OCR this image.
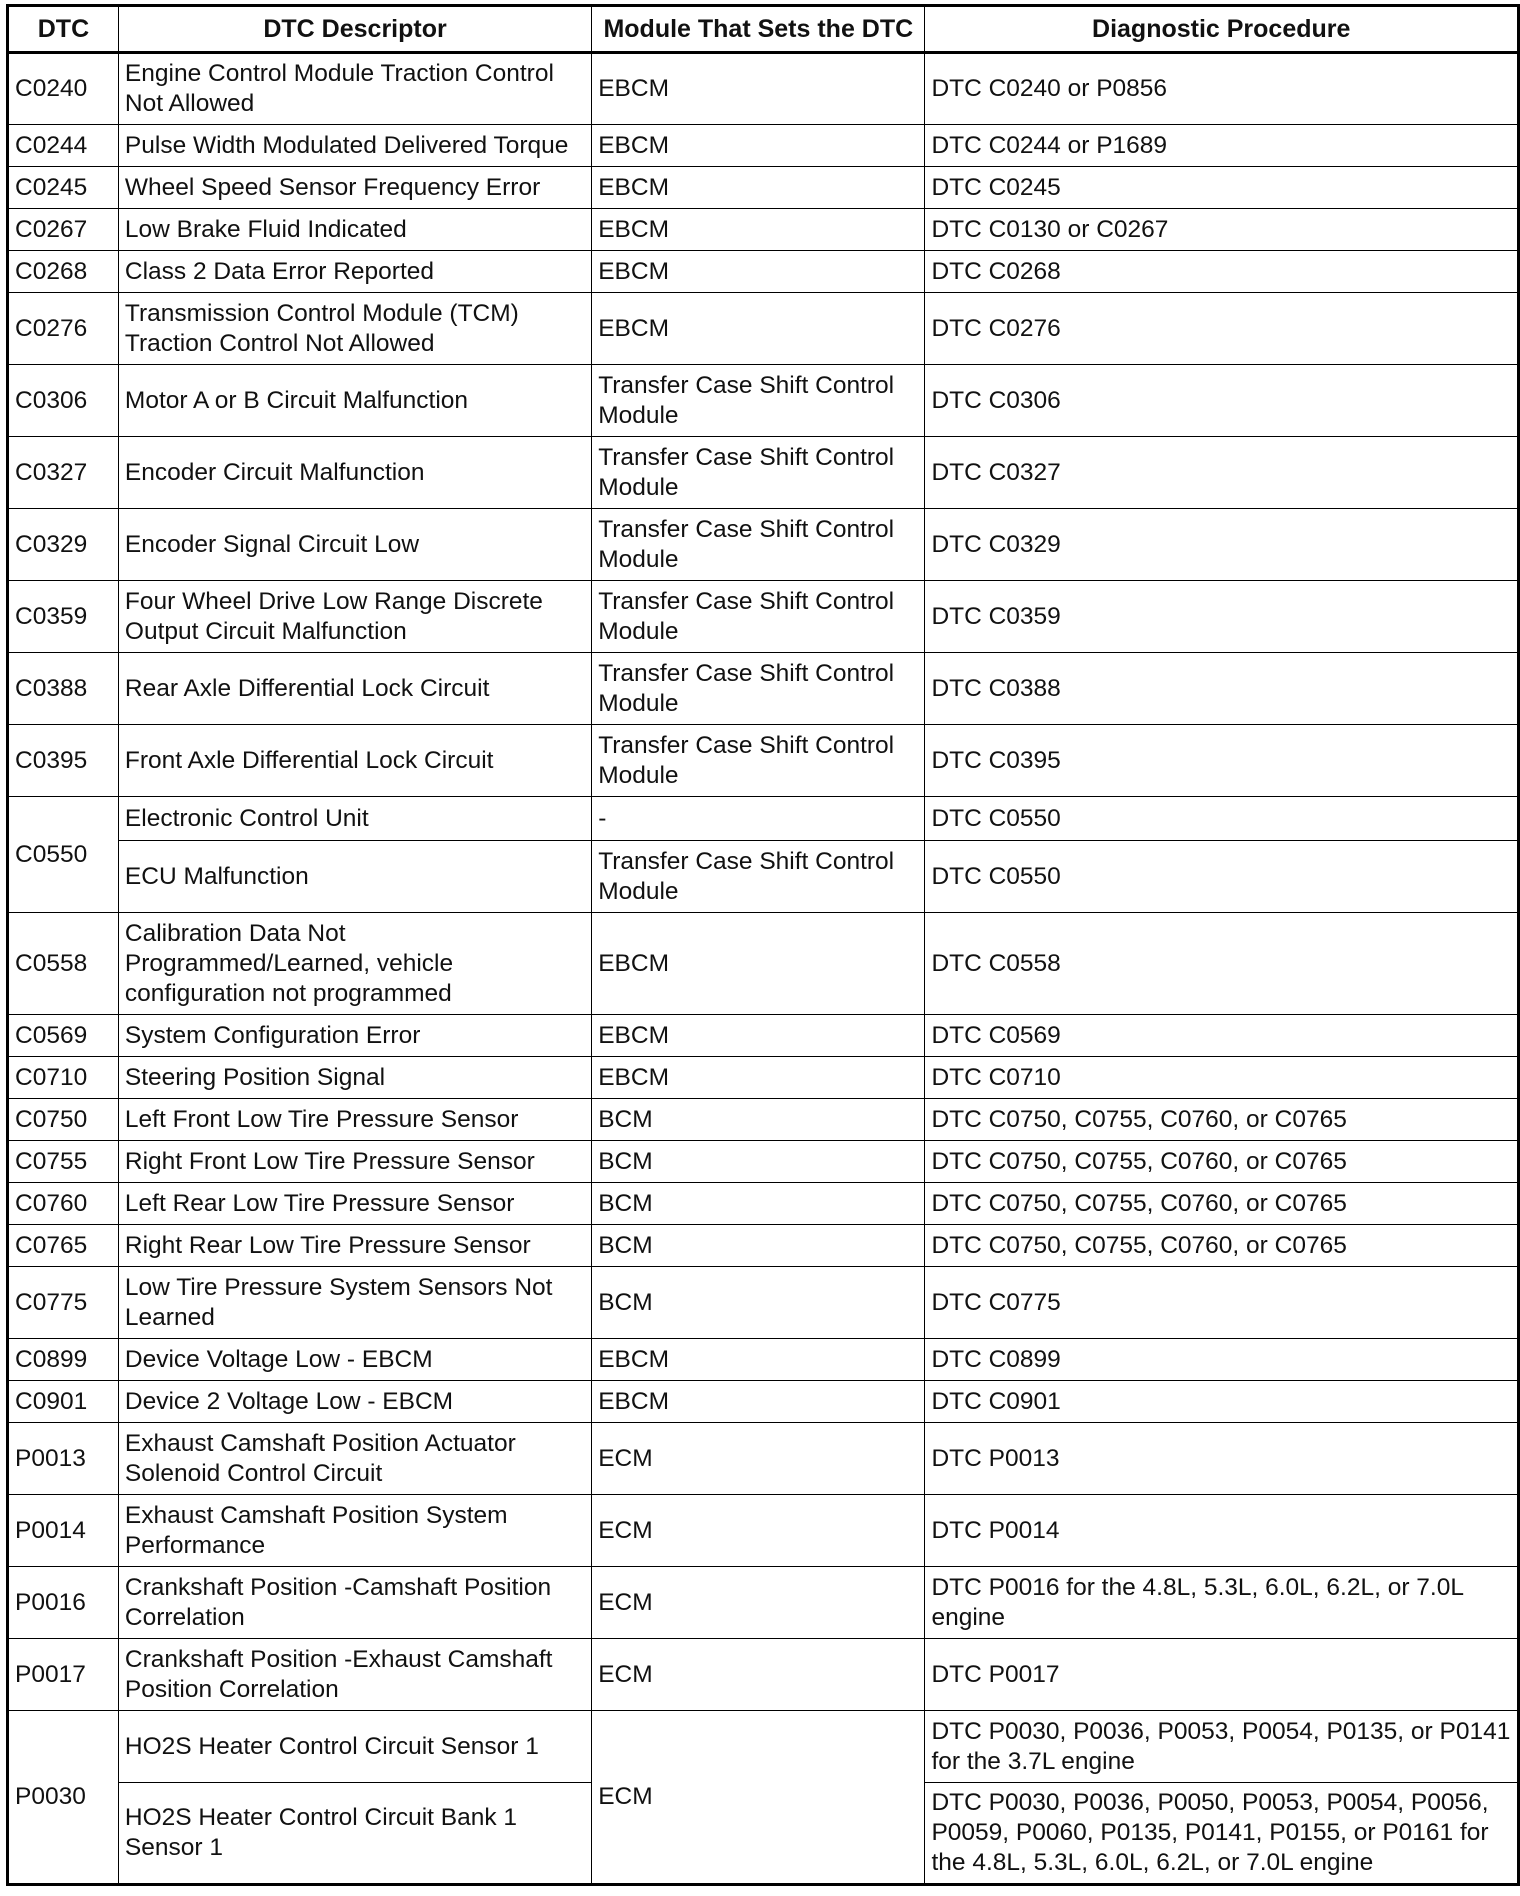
DTC	DTC Descriptor	Module That Sets the DTC	Diagnostic Procedure
C0240	Engine Control Module Traction Control Not Allowed	EBCM	DTC C0240 or P0856
C0244	Pulse Width Modulated Delivered Torque	EBCM	DTC C0244 or P1689
C0245	Wheel Speed Sensor Frequency Error	EBCM	DTC C0245
C0267	Low Brake Fluid Indicated	EBCM	DTC C0130 or C0267
C0268	Class 2 Data Error Reported	EBCM	DTC C0268
C0276	Transmission Control Module (TCM) Traction Control Not Allowed	EBCM	DTC C0276
C0306	Motor A or B Circuit Malfunction	Transfer Case Shift Control Module	DTC C0306
C0327	Encoder Circuit Malfunction	Transfer Case Shift Control Module	DTC C0327
C0329	Encoder Signal Circuit Low	Transfer Case Shift Control Module	DTC C0329
C0359	Four Wheel Drive Low Range Discrete Output Circuit Malfunction	Transfer Case Shift Control Module	DTC C0359
C0388	Rear Axle Differential Lock Circuit	Transfer Case Shift Control Module	DTC C0388
C0395	Front Axle Differential Lock Circuit	Transfer Case Shift Control Module	DTC C0395
C0550	Electronic Control Unit	-	DTC C0550
	ECU Malfunction	Transfer Case Shift Control Module	DTC C0550
C0558	Calibration Data Not Programmed/Learned, vehicle configuration not programmed	EBCM	DTC C0558
C0569	System Configuration Error	EBCM	DTC C0569
C0710	Steering Position Signal	EBCM	DTC C0710
C0750	Left Front Low Tire Pressure Sensor	BCM	DTC C0750, C0755, C0760, or C0765
C0755	Right Front Low Tire Pressure Sensor	BCM	DTC C0750, C0755, C0760, or C0765
C0760	Left Rear Low Tire Pressure Sensor	BCM	DTC C0750, C0755, C0760, or C0765
C0765	Right Rear Low Tire Pressure Sensor	BCM	DTC C0750, C0755, C0760, or C0765
C0775	Low Tire Pressure System Sensors Not Learned	BCM	DTC C0775
C0899	Device Voltage Low - EBCM	EBCM	DTC C0899
C0901	Device 2 Voltage Low - EBCM	EBCM	DTC C0901
P0013	Exhaust Camshaft Position Actuator Solenoid Control Circuit	ECM	DTC P0013
P0014	Exhaust Camshaft Position System Performance	ECM	DTC P0014
P0016	Crankshaft Position -Camshaft Position Correlation	ECM	DTC P0016 for the 4.8L, 5.3L, 6.0L, 6.2L, or 7.0L engine
P0017	Crankshaft Position -Exhaust Camshaft Position Correlation	ECM	DTC P0017
P0030	HO2S Heater Control Circuit Sensor 1	ECM	DTC P0030, P0036, P0053, P0054, P0135, or P0141 for the 3.7L engine
	HO2S Heater Control Circuit Bank 1 Sensor 1		DTC P0030, P0036, P0050, P0053, P0054, P0056, P0059, P0060, P0135, P0141, P0155, or P0161 for the 4.8L, 5.3L, 6.0L, 6.2L, or 7.0L engine
